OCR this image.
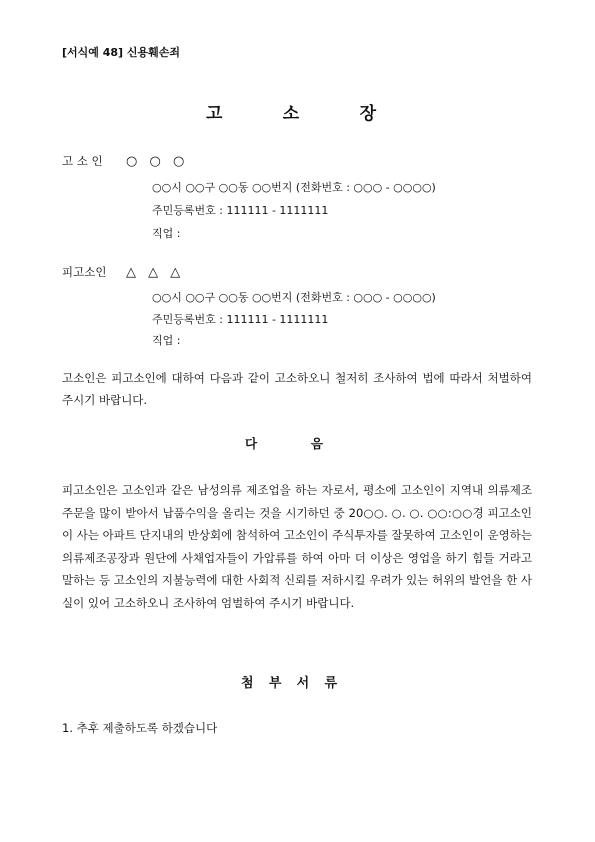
[서식예 48] 신용훼손죄
고	소	장
고 소 인 ○ ○ ○
○○시 ○○구 ○○동 ○○번지 (전화번호 : ○○○ - ○○○○)
주민등록번호 : 111111 - 1111111
직업 :
피고소인 △ △ △
○○시 ○○구 ○○동 ○○번지 (전화번호 : ○○○ - ○○○○)
주민등록번호 : 111111 - 1111111
직업 :
고소인은 피고소인에 대하여 다음과 같이 고소하오니 철저히 조사하여 법에 따라서 처벌하여 주시기 바랍니다.
다	음
피고소인은 고소인과 같은 남성의류 제조업을 하는 자로서, 평소에 고소인이 지역내 의류제조 주문을 많이 받아서 납품수익을 올리는 것을 시기하던 중 20○○. ○. ○. ○○:○○경 피고소인이 사는 아파트 단지내의 반상회에 참석하여 고소인이 주식투자를 잘못하여 고소인이 운영하는 의류제조공장과 원단에 사채업자들이 가압류를 하여 아마 더 이상은 영업을 하기 힘들 거라고 말하는 등 고소인의 지불능력에 대한 사회적 신뢰를 저하시킬 우려가 있는 허위의 발언을 한 사실이 있어 고소하오니 조사하여 엄벌하여 주시기 바랍니다.
첨 부 서 류
1. 추후 제출하도록 하겠습니다
